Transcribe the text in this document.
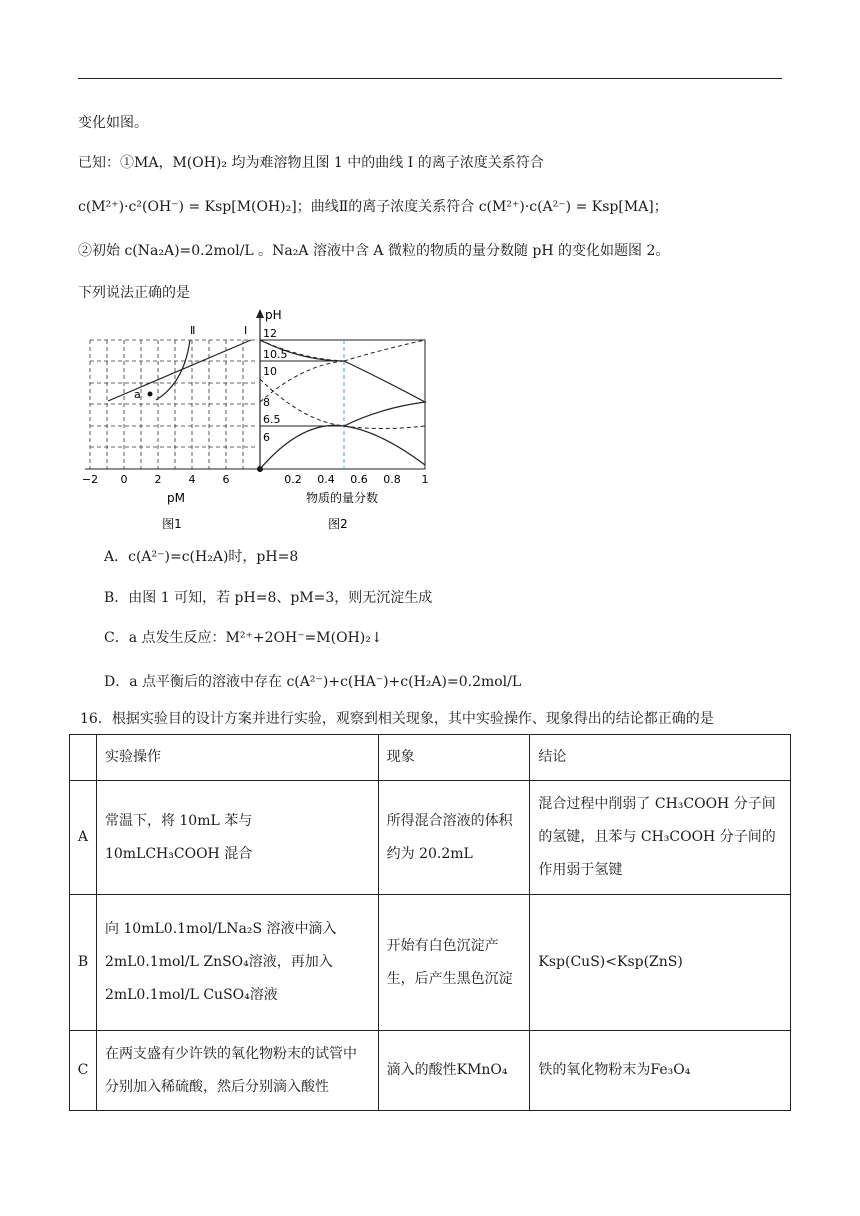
变化如图。
已知：①MA，M(OH)₂ 均为难溶物且图 1 中的曲线 I 的离子浓度关系符合
c(M²⁺)·c²(OH⁻) = Ksp[M(OH)₂]；曲线Ⅱ的离子浓度关系符合 c(M²⁺)·c(A²⁻) = Ksp[MA]；
②初始 c(Na₂A)=0.2mol/L 。Na₂A 溶液中含 A 微粒的物质的量分数随 pH 的变化如题图 2。
下列说法正确的是
a
Ⅱ	Ⅰ
−2 0 2 4 6
pM
图1
pH
12
10.5
10
8
6.5
6
0.2 0.4 0.6 0.8 1
物质的量分数
图2
A．c(A²⁻)=c(H₂A)时，pH=8
B．由图 1 可知，若 pH=8、pM=3，则无沉淀生成
C．a 点发生反应：M²⁺+2OH⁻=M(OH)₂↓
D．a 点平衡后的溶液中存在 c(A²⁻)+c(HA⁻)+c(H₂A)=0.2mol/L
16．根据实验目的设计方案并进行实验，观察到相关现象，其中实验操作、现象得出的结论都正确的是
	实验操作	现象	结论
A	常温下，将 10mL 苯与 10mLCH₃COOH 混合	所得混合溶液的体积约为 20.2mL	混合过程中削弱了 CH₃COOH 分子间的氢键，且苯与 CH₃COOH 分子间的作用弱于氢键
B	向 10mL0.1mol/LNa₂S 溶液中滴入 2mL0.1mol/L ZnSO₄溶液，再加入 2mL0.1mol/L CuSO₄溶液	开始有白色沉淀产生，后产生黑色沉淀	Ksp(CuS)<Ksp(ZnS)
C	在两支盛有少许铁的氧化物粉末的试管中分别加入稀硫酸，然后分别滴入酸性	滴入的酸性KMnO₄	铁的氧化物粉末为Fe₃O₄
